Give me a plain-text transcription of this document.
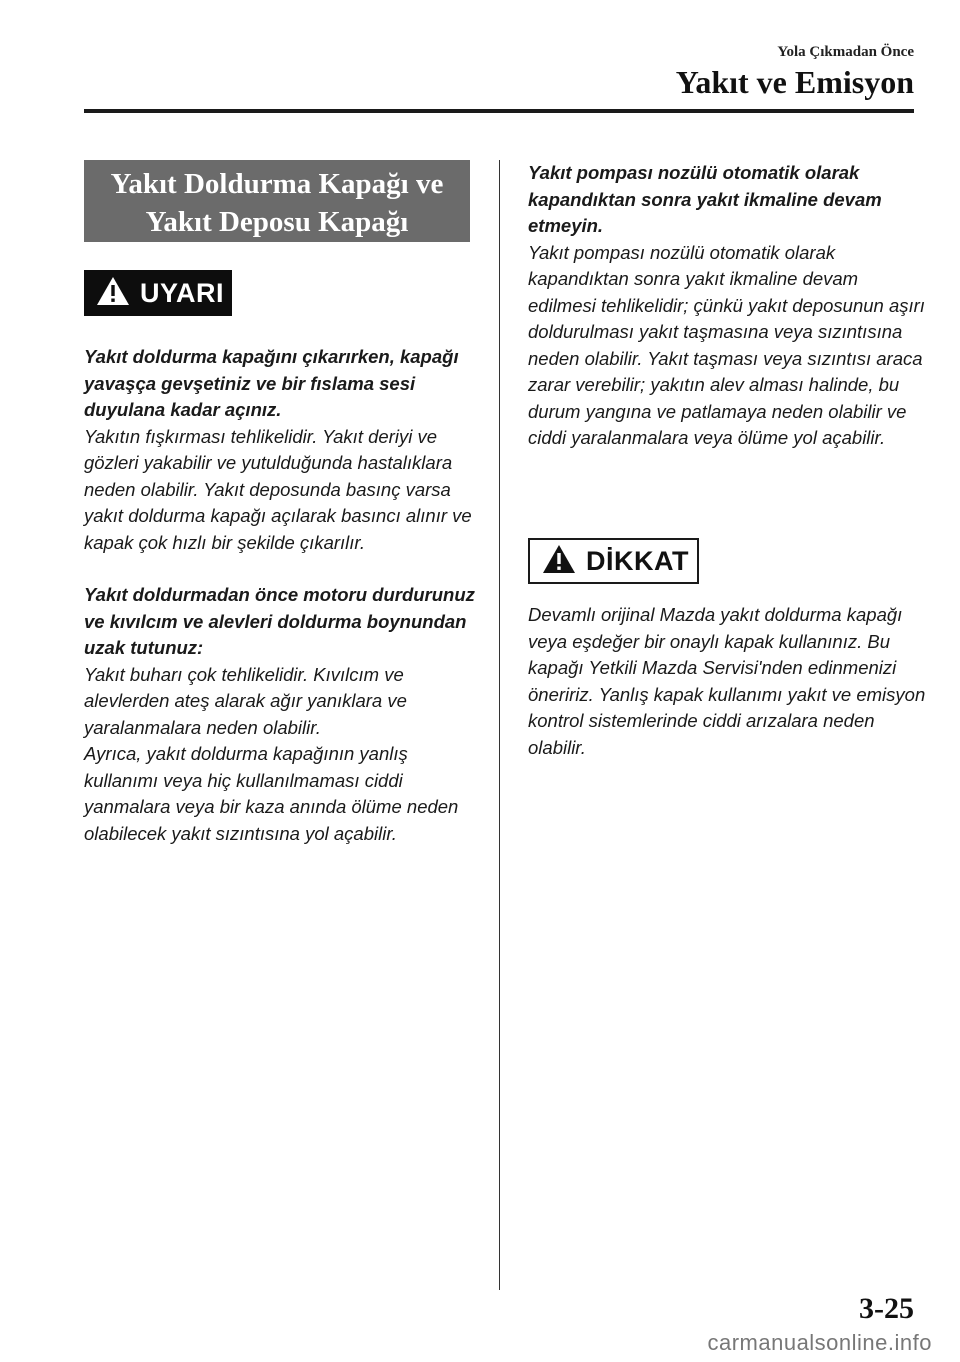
Yola Çıkmadan Önce
Yakıt ve Emisyon
Yakıt Doldurma Kapağı ve
Yakıt Deposu Kapağı
UYARI

Yakıt doldurma kapağını çıkarırken, kapağı yavaşça gevşetiniz ve bir fıslama sesi duyulana kadar açınız.

Yakıtın fışkırması tehlikelidir. Yakıt deriyi ve gözleri yakabilir ve yutulduğunda hastalıklara neden olabilir. Yakıt deposunda basınç varsa yakıt doldurma kapağı açılarak basıncı alınır ve kapak çok hızlı bir şekilde çıkarılır.

Yakıt doldurmadan önce motoru durdurunuz ve kıvılcım ve alevleri doldurma boynundan uzak tutunuz:

Yakıt buharı çok tehlikelidir. Kıvılcım ve alevlerden ateş alarak ağır yanıklara ve yaralanmalara neden olabilir.

Ayrıca, yakıt doldurma kapağının yanlış kullanımı veya hiç kullanılmaması ciddi yanmalara veya bir kaza anında ölüme neden olabilecek yakıt sızıntısına yol açabilir.

Yakıt pompası nozülü otomatik olarak kapandıktan sonra yakıt ikmaline devam etmeyin.

Yakıt pompası nozülü otomatik olarak kapandıktan sonra yakıt ikmaline devam edilmesi tehlikelidir; çünkü yakıt deposunun aşırı doldurulması yakıt taşmasına veya sızıntısına neden olabilir. Yakıt taşması veya sızıntısı araca zarar verebilir; yakıtın alev alması halinde, bu durum yangına ve patlamaya neden olabilir ve ciddi yaralanmalara veya ölüme yol açabilir.

DİKKAT

Devamlı orijinal Mazda yakıt doldurma kapağı veya eşdeğer bir onaylı kapak kullanınız. Bu kapağı Yetkili Mazda Servisi'nden edinmenizi öneririz. Yanlış kapak kullanımı yakıt ve emisyon kontrol sistemlerinde ciddi arızalara neden olabilir.

3-25
carmanualsonline.info
